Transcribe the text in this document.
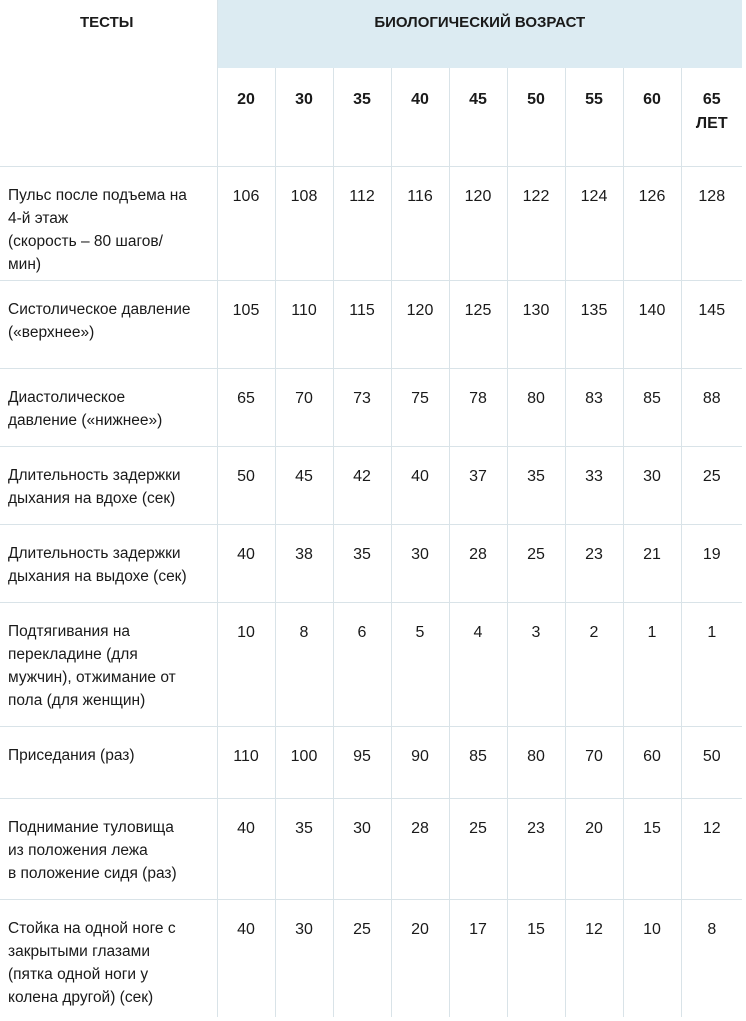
ТЕСТЫ	БИОЛОГИЧЕСКИЙ ВОЗРАСТ								
	20	30	35	40	45	50	55	60	65
ЛЕТ

Пульс после подъема на
4-й этаж
(скорость – 80 шагов/
мин)	106	108	112	116	120	122	124	126	128

Систолическое давление
(«верхнее»)	105	110	115	120	125	130	135	140	145

Диастолическое
давление («нижнее»)	65	70	73	75	78	80	83	85	88

Длительность задержки
дыхания на вдохе (сек)	50	45	42	40	37	35	33	30	25

Длительность задержки
дыхания на выдохе (сек)	40	38	35	30	28	25	23	21	19

Подтягивания на
перекладине (для
мужчин), отжимание от
пола (для женщин)	10	8	6	5	4	3	2	1	1

Приседания (раз)	110	100	95	90	85	80	70	60	50

Поднимание туловища
из положения лежа
в положение сидя (раз)	40	35	30	28	25	23	20	15	12

Стойка на одной ноге с
закрытыми глазами
(пятка одной ноги у
колена другой) (сек)	40	30	25	20	17	15	12	10	8
